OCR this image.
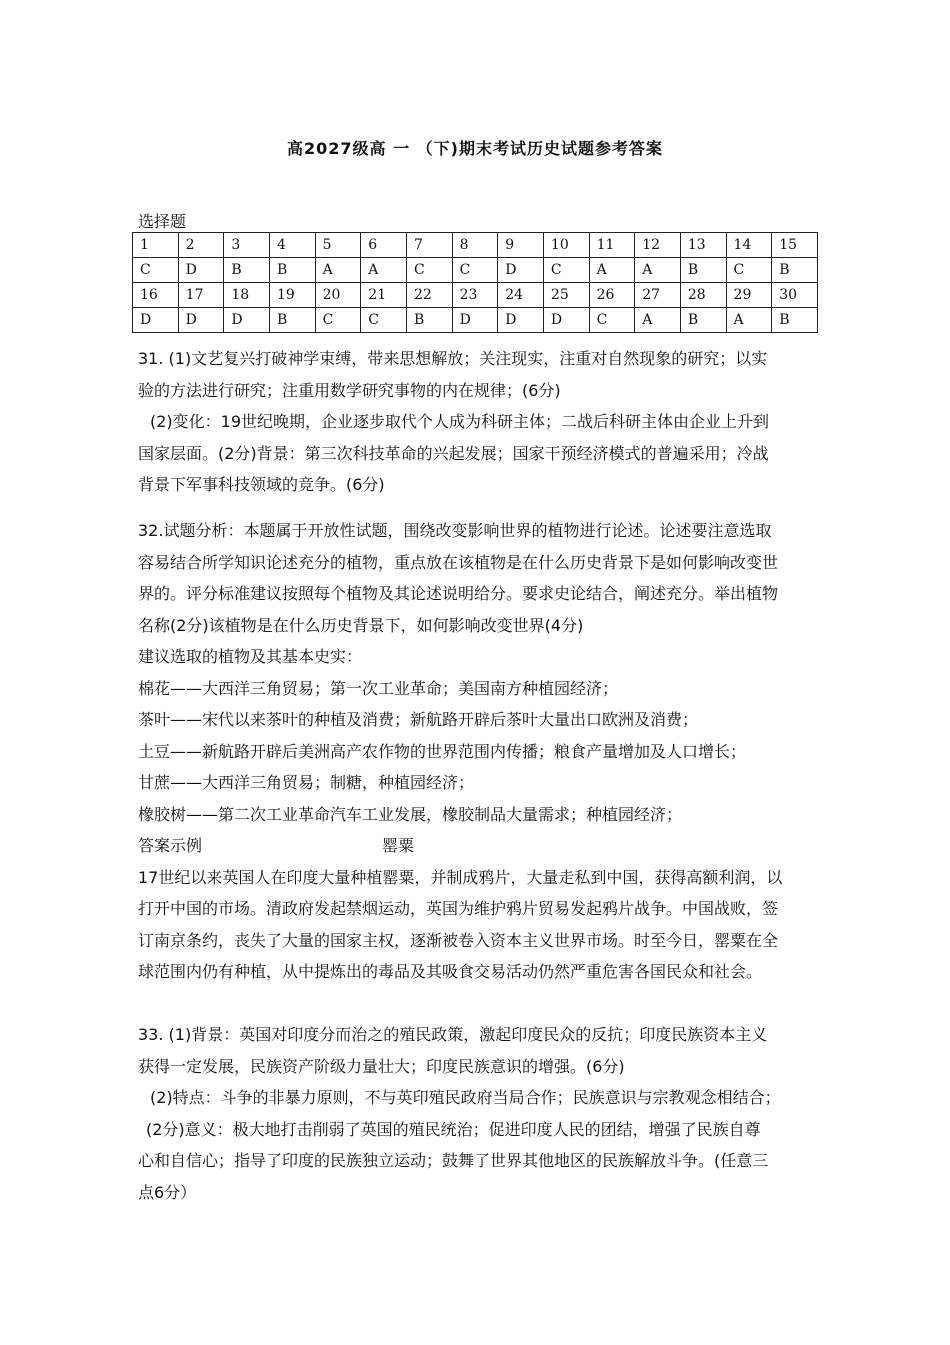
高2027级高 一 （下)期末考试历史试题参考答案
选择题
1	2	3	4	5	6	7	8	9	10	11	12	13	14	15
C	D	B	B	A	A	C	C	D	C	A	A	B	C	B
16	17	18	19	20	21	22	23	24	25	26	27	28	29	30
D	D	D	B	C	C	B	D	D	D	C	A	B	A	B
31. (1)文艺复兴打破神学束缚，带来思想解放；关注现实，注重对自然现象的研究；以实
验的方法进行研究；注重用数学研究事物的内在规律；(6分)
(2)变化：19世纪晚期，企业逐步取代个人成为科研主体；二战后科研主体由企业上升到
国家层面。(2分)背景：第三次科技革命的兴起发展；国家干预经济模式的普遍采用；冷战
背景下军事科技领域的竞争。(6分)
32.试题分析：本题属于开放性试题，围绕改变影响世界的植物进行论述。论述要注意选取
容易结合所学知识论述充分的植物，重点放在该植物是在什么历史背景下是如何影响改变世
界的。评分标准建议按照每个植物及其论述说明给分。要求史论结合，阐述充分。举出植物
名称(2分)该植物是在什么历史背景下，如何影响改变世界(4分)
建议选取的植物及其基本史实：
棉花——大西洋三角贸易；第一次工业革命；美国南方种植园经济；
茶叶——宋代以来茶叶的种植及消费；新航路开辟后茶叶大量出口欧洲及消费；
土豆——新航路开辟后美洲高产农作物的世界范围内传播；粮食产量增加及人口增长；
甘蔗——大西洋三角贸易；制糖，种植园经济；
橡胶树——第二次工业革命汽车工业发展，橡胶制品大量需求；种植园经济；
答案示例	罂粟
17世纪以来英国人在印度大量种植罂粟，并制成鸦片，大量走私到中国，获得高额利润，以
打开中国的市场。清政府发起禁烟运动，英国为维护鸦片贸易发起鸦片战争。中国战败，签
订南京条约，丧失了大量的国家主权，逐渐被卷入资本主义世界市场。时至今日，罂粟在全
球范围内仍有种植，从中提炼出的毒品及其吸食交易活动仍然严重危害各国民众和社会。
33. (1)背景：英国对印度分而治之的殖民政策，激起印度民众的反抗；印度民族资本主义
获得一定发展，民族资产阶级力量壮大；印度民族意识的增强。(6分)
(2)特点：斗争的非暴力原则，不与英印殖民政府当局合作；民族意识与宗教观念相结合；
(2分)意义：极大地打击削弱了英国的殖民统治；促进印度人民的团结，增强了民族自尊
心和自信心；指导了印度的民族独立运动；鼓舞了世界其他地区的民族解放斗争。(任意三
点6分）
